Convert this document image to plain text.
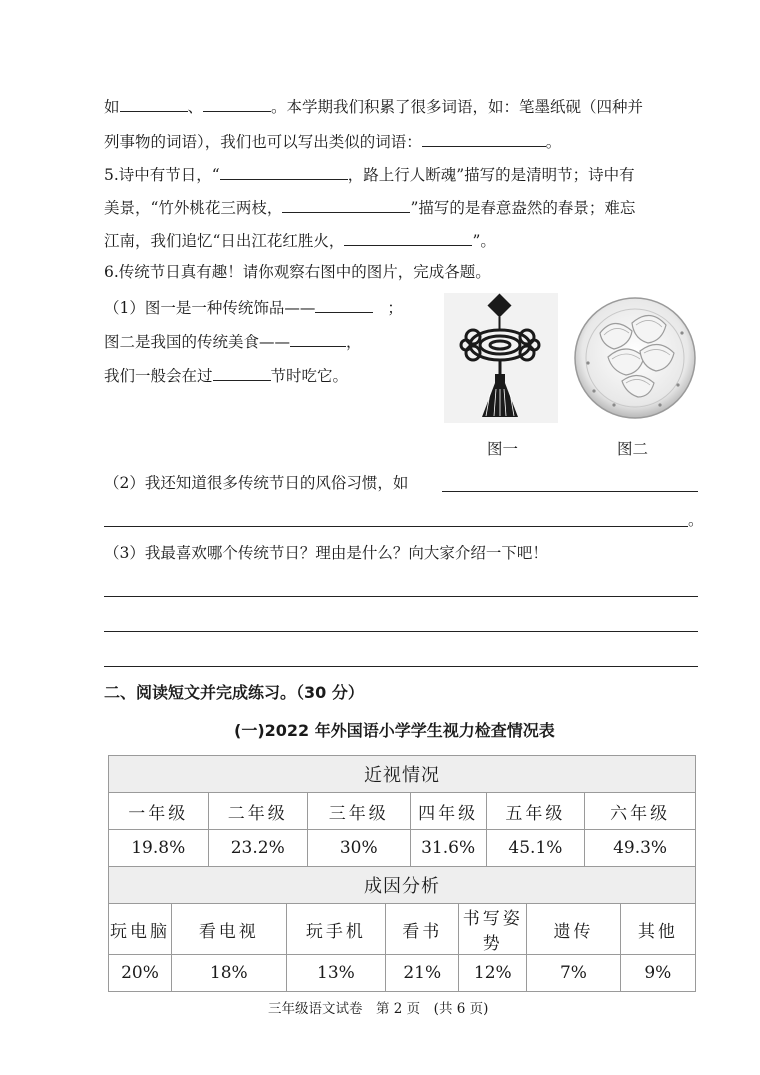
如	、	。本学期我们积累了很多词语，如：笔墨纸砚（四种并
列事物的词语），我们也可以写出类似的词语：	。
5.诗中有节日，“	，路上行人断魂”描写的是清明节；诗中有
美景，“竹外桃花三两枝，	”描写的是春意盎然的春景；难忘
江南，我们追忆“日出江花红胜火，	”。
6.传统节日真有趣！请你观察右图中的图片，完成各题。
（1）图一是一种传统饰品——	；
图二是我国的传统美食——	，
我们一般会在过	节时吃它。
图一	图二
（2）我还知道很多传统节日的风俗习惯，如
。
（3）我最喜欢哪个传统节日？理由是什么？向大家介绍一下吧！
二、阅读短文并完成练习。（30 分）
(一)2022 年外国语小学学生视力检查情况表
近视情况											
一年级		二年级		三年级		四年级		五年级		六年级	
19.8%		23.2%		30%		31.6%		45.1%		49.3%	
成因分析											
玩电脑	看电视		玩手机		看书		书写姿势		遗传		其他
20%	18%		13%		21%		12%		7%		9%
三年级语文试卷　第 2 页　(共 6 页)
